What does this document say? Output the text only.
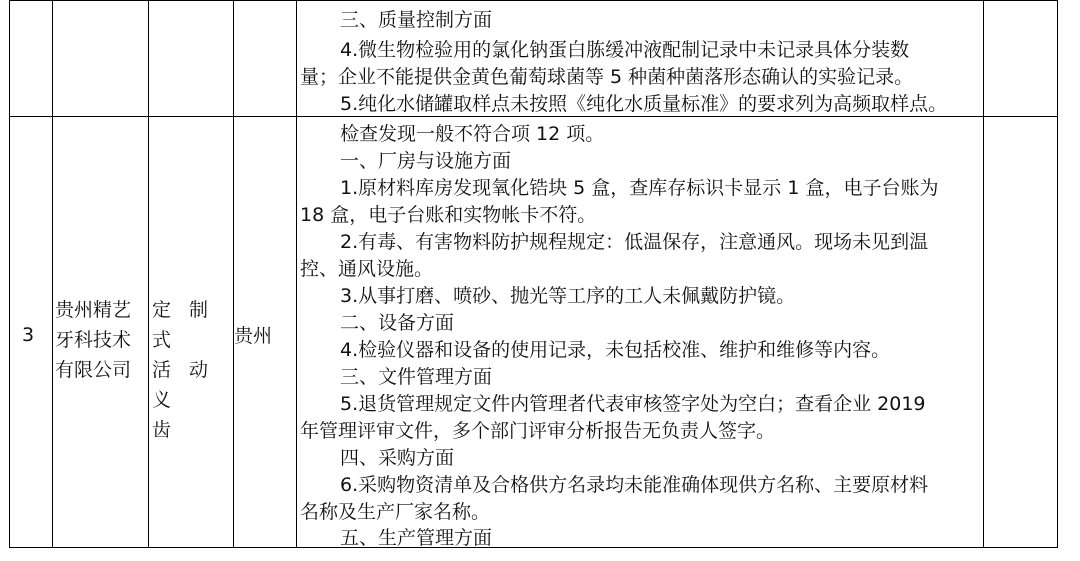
三、质量控制方面
4.微生物检验用的氯化钠蛋白胨缓冲液配制记录中未记录具体分装数
量；企业不能提供金黄色葡萄球菌等 5 种菌种菌落形态确认的实验记录。
5.纯化水储罐取样点未按照《纯化水质量标准》的要求列为高频取样点。
3
贵州精艺
牙科技术
有限公司
定 制 式
活 动 义
齿
贵州
检查发现一般不符合项 12 项。
一、厂房与设施方面
1.原材料库房发现氧化锆块 5 盒，查库存标识卡显示 1 盒，电子台账为
18 盒，电子台账和实物帐卡不符。
2.有毒、有害物料防护规程规定：低温保存，注意通风。现场未见到温
控、通风设施。
3.从事打磨、喷砂、抛光等工序的工人未佩戴防护镜。
二、设备方面
4.检验仪器和设备的使用记录，未包括校准、维护和维修等内容。
三、文件管理方面
5.退货管理规定文件内管理者代表审核签字处为空白；查看企业 2019
年管理评审文件，多个部门评审分析报告无负责人签字。
四、采购方面
6.采购物资清单及合格供方名录均未能准确体现供方名称、主要原材料
名称及生产厂家名称。
五、生产管理方面
